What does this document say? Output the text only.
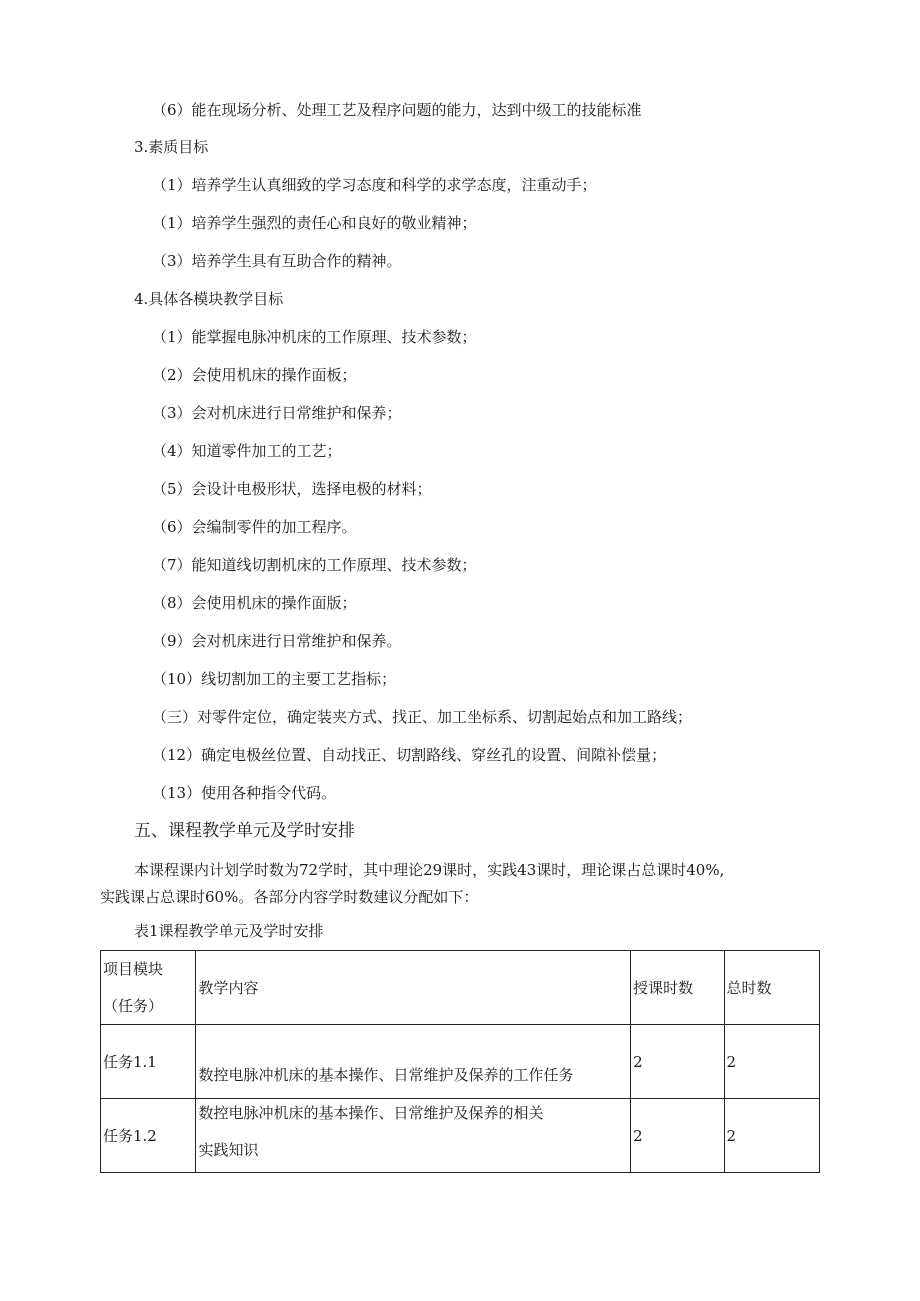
（6）能在现场分析、处理工艺及程序问题的能力，达到中级工的技能标准
3.素质目标
（1）培养学生认真细致的学习态度和科学的求学态度，注重动手；
（1）培养学生强烈的责任心和良好的敬业精神；
（3）培养学生具有互助合作的精神。
4.具体各模块教学目标
（1）能掌握电脉冲机床的工作原理、技术参数；
（2）会使用机床的操作面板；
（3）会对机床进行日常维护和保养；
（4）知道零件加工的工艺；
（5）会设计电极形状，选择电极的材料；
（6）会编制零件的加工程序。
（7）能知道线切割机床的工作原理、技术参数；
（8）会使用机床的操作面版；
（9）会对机床进行日常维护和保养。
（10）线切割加工的主要工艺指标；
（三）对零件定位，确定装夹方式、找正、加工坐标系、切割起始点和加工路线；
（12）确定电极丝位置、自动找正、切割路线、穿丝孔的设置、间隙补偿量；
（13）使用各种指令代码。
五、课程教学单元及学时安排
本课程课内计划学时数为72学时，其中理论29课时，实践43课时，理论课占总课时40%,
实践课占总课时60%。各部分内容学时数建议分配如下：
表1课程教学单元及学时安排
项目模块
（任务）	教学内容	授课时数	总时数
任务1.1	数控电脉冲机床的基本操作、日常维护及保养的工作任务	2	2
任务1.2	数控电脉冲机床的基本操作、日常维护及保养的相关
实践知识	2	2
